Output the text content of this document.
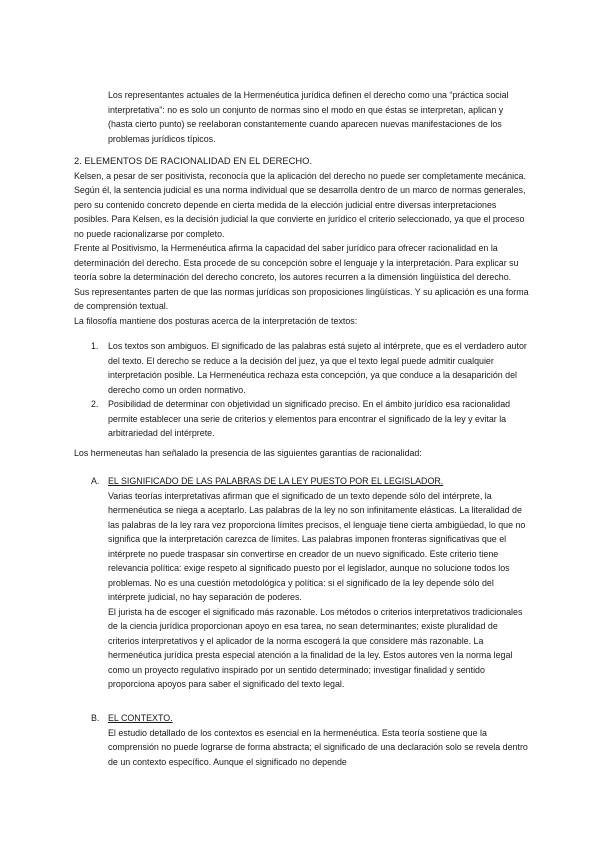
Los representantes actuales de la Hermenéutica jurídica definen el derecho como una “práctica social interpretativa”: no es solo un conjunto de normas sino el modo en que éstas se interpretan, aplican y (hasta cierto punto) se reelaboran constantemente cuando aparecen nuevas manifestaciones de los problemas jurídicos típicos.

2. ELEMENTOS DE RACIONALIDAD EN EL DERECHO.

Kelsen, a pesar de ser positivista, reconocía que la aplicación del derecho no puede ser completamente mecánica. Según él, la sentencia judicial es una norma individual que se desarrolla dentro de un marco de normas generales, pero su contenido concreto depende en cierta medida de la elección judicial entre diversas interpretaciones posibles. Para Kelsen, es la decisión judicial la que convierte en jurídico el criterio seleccionado, ya que el proceso no puede racionalizarse por completo.

Frente al Positivismo, la Hermenéutica afirma la capacidad del saber jurídico para ofrecer racionalidad en la determinación del derecho. Esta procede de su concepción sobre el lenguaje y la interpretación. Para explicar su teoría sobre la determinación del derecho concreto, los autores recurren a la dimensión lingüística del derecho.

Sus representantes parten de que las normas jurídicas son proposiciones lingüísticas. Y su aplicación es una forma de comprensión textual.

La filosofía mantiene dos posturas acerca de la interpretación de textos:

1. Los textos son ambiguos. El significado de las palabras está sujeto al intérprete, que es el verdadero autor del texto. El derecho se reduce a la decisión del juez, ya que el texto legal puede admitir cualquier interpretación posible. La Hermenéutica rechaza esta concepción, ya que conduce a la desaparición del derecho como un orden normativo.

2. Posibilidad de determinar con objetividad un significado preciso. En el ámbito jurídico esa racionalidad permite establecer una serie de criterios y elementos para encontrar el significado de la ley y evitar la arbitrariedad del intérprete.

Los hermeneutas han señalado la presencia de las siguientes garantías de racionalidad:

A. EL SIGNIFICADO DE LAS PALABRAS DE LA LEY PUESTO POR EL LEGISLADOR.

Varias teorías interpretativas afirman que el significado de un texto depende sólo del intérprete, la hermenéutica se niega a aceptarlo. Las palabras de la ley no son infinitamente elásticas. La literalidad de las palabras de la ley rara vez proporciona límites precisos, el lenguaje tiene cierta ambigüedad, lo que no significa que la interpretación carezca de límites. Las palabras imponen fronteras significativas que el intérprete no puede traspasar sin convertirse en creador de un nuevo significado. Este criterio tiene relevancia política: exige respeto al significado puesto por el legislador, aunque no solucione todos los problemas. No es una cuestión metodológica y política: si el significado de la ley depende sólo del intérprete judicial, no hay separación de poderes.

El jurista ha de escoger el significado más razonable. Los métodos o criterios interpretativos tradicionales de la ciencia jurídica proporcionan apoyo en esa tarea, no sean determinantes; existe pluralidad de criterios interpretativos y el aplicador de la norma escogerá la que considere más razonable. La hermenéutica jurídica presta especial atención a la finalidad de la ley. Estos autores ven la norma legal como un proyecto regulativo inspirado por un sentido determinado; investigar finalidad y sentido proporciona apoyos para saber el significado del texto legal.

B. EL CONTEXTO.

El estudio detallado de los contextos es esencial en la hermenéutica. Esta teoría sostiene que la comprensión no puede lograrse de forma abstracta; el significado de una declaración solo se revela dentro de un contexto específico. Aunque el significado no depende
